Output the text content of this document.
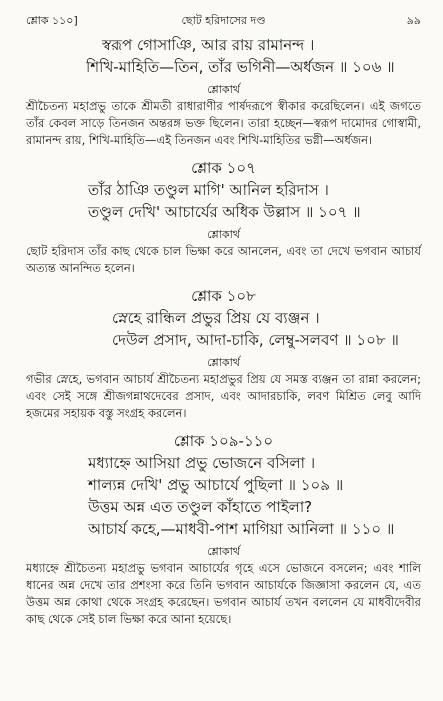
শ্লোক ১১০]	ছোট হরিদাসের দণ্ড	৯৯
স্বরূপ গোসাঞি, আর রায় রামানন্দ ।
শিখি-মাহিতি—তিন, তাঁর ভগিনী—অর্ধজন ॥ ১০৬ ॥
শ্লোকার্থ
শ্রীচৈতন্য মহাপ্রভু তাকে শ্রীমতী রাধারাণীর পার্ষদরূপে স্বীকার করেছিলেন। এই জগতে তাঁর কেবল সাড়ে তিনজন অন্তরঙ্গ ভক্ত ছিলেন। তারা হচ্ছেন—স্বরূপ দামোদর গোস্বামী, রামানন্দ রায়, শিখি-মাহিতি—এই তিনজন এবং শিখি-মাহিতির ভগ্নী—অর্ধজন।
শ্লোক ১০৭
তাঁর ঠাঞি তণ্ডুল মাগি' আনিল হরিদাস ।
তণ্ডুল দেখি' আচার্যের অধিক উল্লাস ॥ ১০৭ ॥
শ্লোকার্থ
ছোট হরিদাস তাঁর কাছ থেকে চাল ভিক্ষা করে আনলেন, এবং তা দেখে ভগবান আচার্য অত্যন্ত আনন্দিত হলেন।
শ্লোক ১০৮
স্নেহে রান্ধিল প্রভুর প্রিয় যে ব্যঞ্জন ।
দেউল প্রসাদ, আদা-চাকি, লেম্বু-সলবণ ॥ ১০৮ ॥
শ্লোকার্থ
গভীর স্নেহে, ভগবান আচার্য শ্রীচৈতন্য মহাপ্রভুর প্রিয় যে সমস্ত ব্যঞ্জন তা রান্না করলেন; এবং সেই সঙ্গে শ্রীজগন্নাথদেবের প্রসাদ, এবং আদারচাকি, লবণ মিশ্রিত লেবু আদি হজমের সহায়ক বস্তু সংগ্রহ করলেন।
শ্লোক ১০৯-১১০
মধ্যাহ্নে আসিয়া প্রভু ভোজনে বসিলা ।
শাল্যন্ন দেখি' প্রভু আচার্যে পুছিলা ॥ ১০৯ ॥
উত্তম অন্ন এত তণ্ডুল কাঁহাতে পাইলা?
আচার্য কহে,—মাধবী-পাশ মাগিয়া আনিলা ॥ ১১০ ॥
শ্লোকার্থ
মধ্যাহ্নে শ্রীচৈতন্য মহাপ্রভু ভগবান আচার্যের গৃহে এসে ভোজনে বসলেন; এবং শালি ধানের অন্ন দেখে তার প্রশংসা করে তিনি ভগবান আচার্যকে জিজ্ঞাসা করলেন যে, এত উত্তম অন্ন কোথা থেকে সংগ্রহ করেছেন। ভগবান আচার্য তখন বললেন যে মাধবীদেবীর কাছ থেকে সেই চাল ভিক্ষা করে আনা হয়েছে।
